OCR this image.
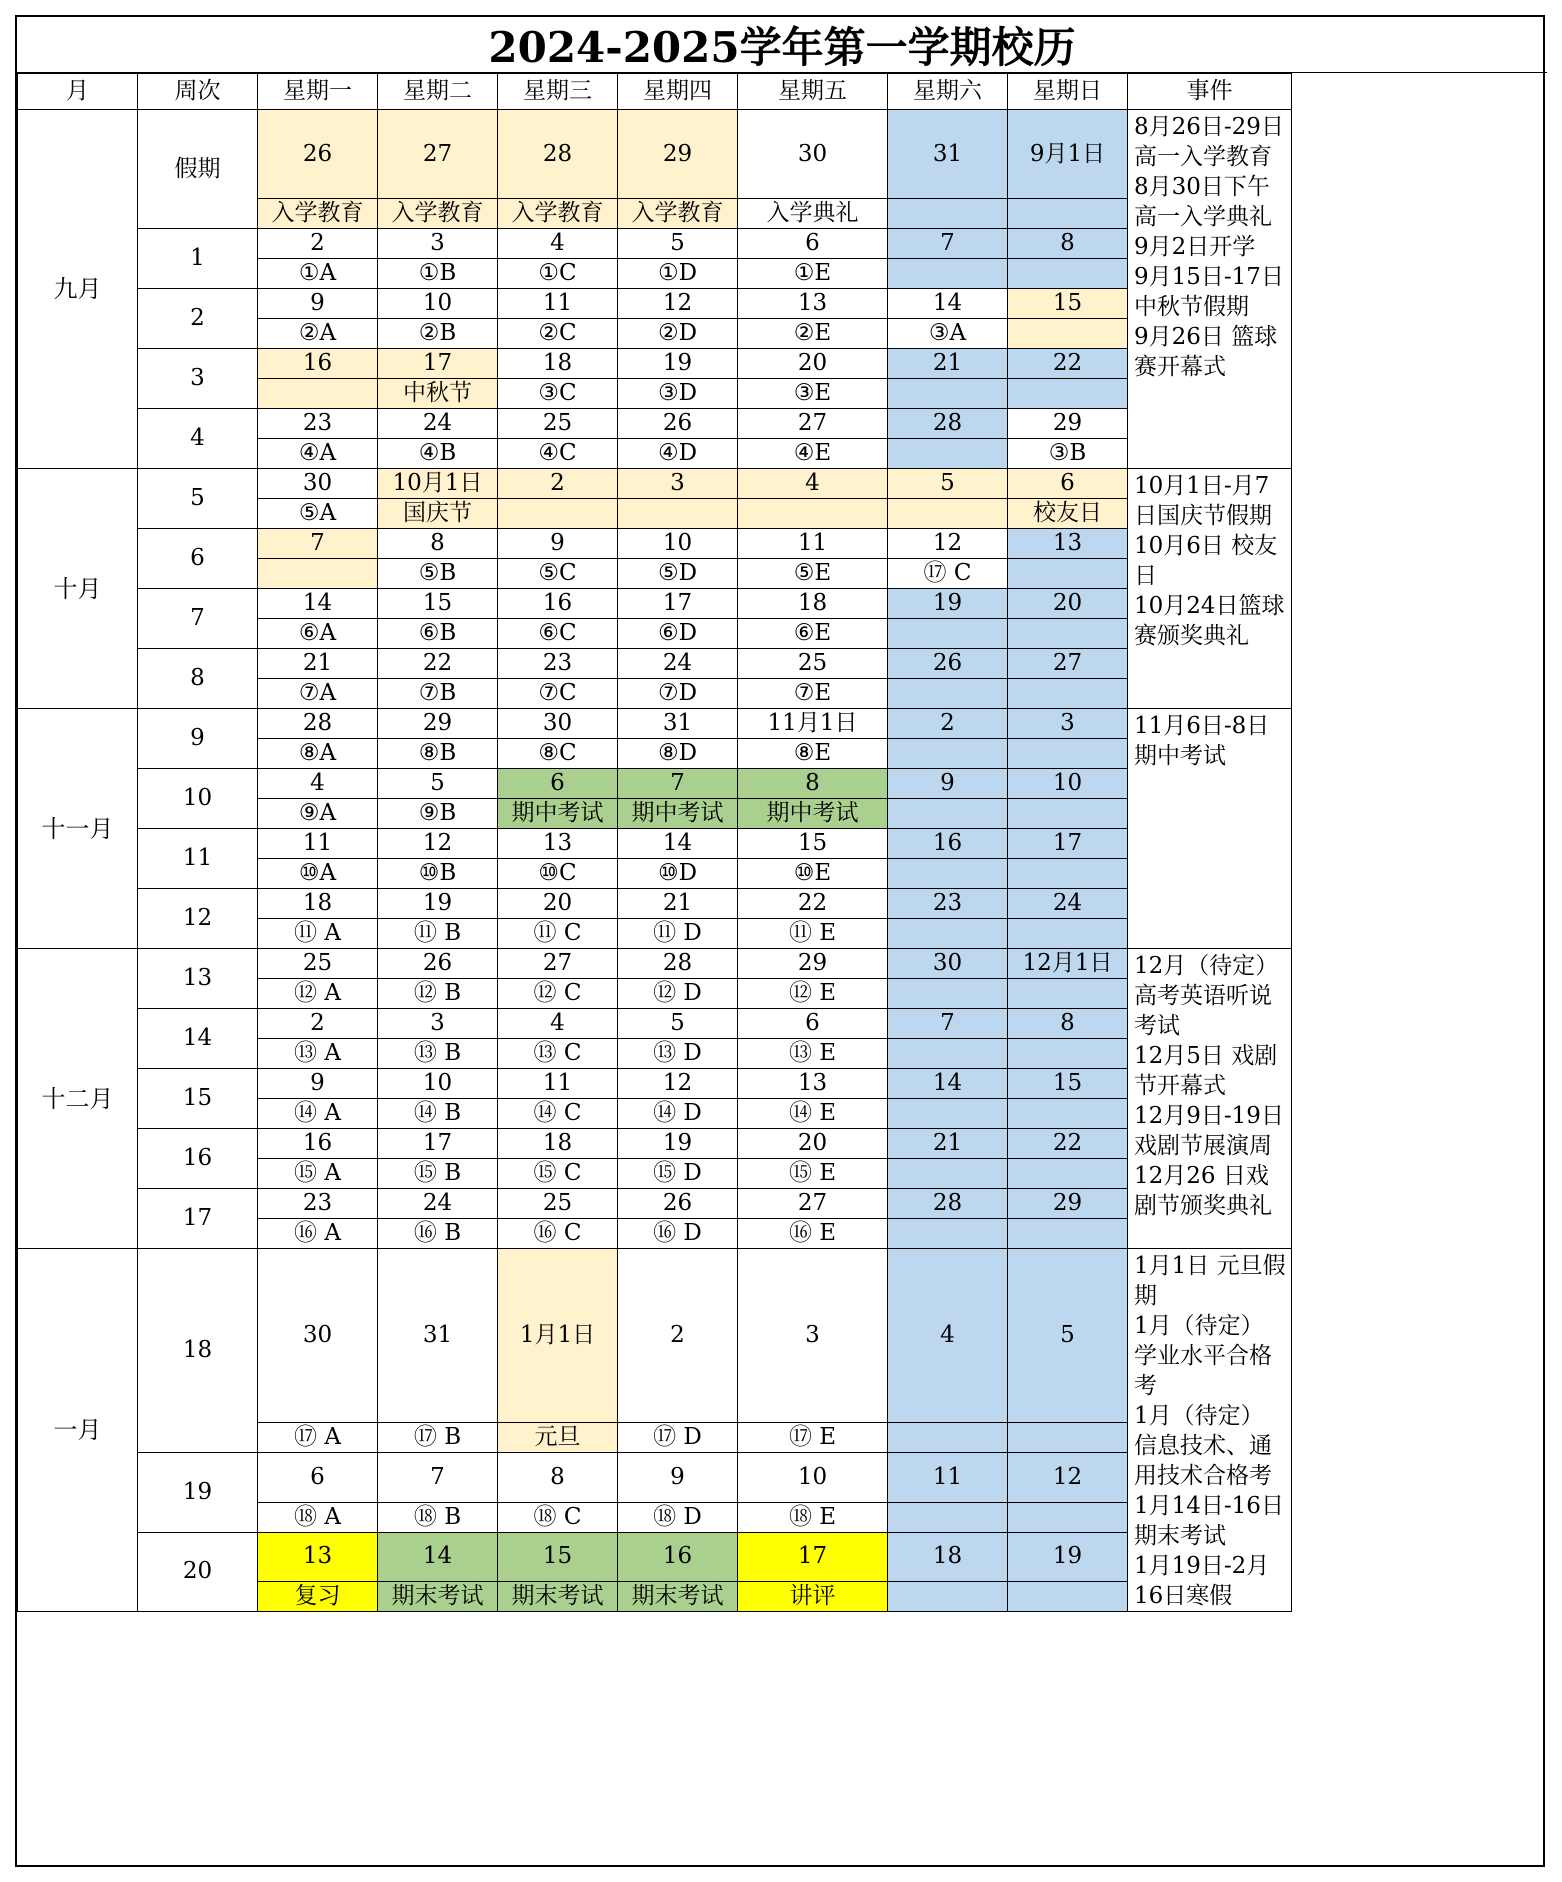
2024-2025学年第一学期校历
月	周次	星期一	星期二	星期三	星期四	星期五	星期六	星期日	事件
九月	假期	26	27	28	29	30	31	9月1日	8月26日-29日 高一入学教育
8月30日下午 高一入学典礼
9月2日开学
9月15日-17日 中秋节假期
9月26日 篮球赛开幕式

		入学教育	入学教育	入学教育	入学教育	入学典礼			
	1	2	3	4	5	6	7	8	
		①A	①B	①C	①D	①E			
	2	9	10	11	12	13	14	15	
		②A	②B	②C	②D	②E	③A		
	3	16	17	18	19	20	21	22	
			中秋节	③C	③D	③E			
	4	23	24	25	26	27	28	29	
		④A	④B	④C	④D	④E		③B	
十月	5	30	10月1日	2	3	4	5	6	10月1日-月7日国庆节假期
10月6日 校友日
10月24日篮球赛颁奖典礼

		⑤A	国庆节					校友日	
	6	7	8	9	10	11	12	13	
			⑤B	⑤C	⑤D	⑤E	⑰ C		
	7	14	15	16	17	18	19	20	
		⑥A	⑥B	⑥C	⑥D	⑥E			
	8	21	22	23	24	25	26	27	
		⑦A	⑦B	⑦C	⑦D	⑦E			
十一月	9	28	29	30	31	11月1日	2	3	11月6日-8日 期中考试

		⑧A	⑧B	⑧C	⑧D	⑧E			
	10	4	5	6	7	8	9	10	
		⑨A	⑨B	期中考试	期中考试	期中考试			
	11	11	12	13	14	15	16	17	
		⑩A	⑩B	⑩C	⑩D	⑩E			
	12	18	19	20	21	22	23	24	
		⑪ A	⑪ B	⑪ C	⑪ D	⑪ E			
十二月	13	25	26	27	28	29	30	12月1日	12月（待定） 高考英语听说考试
12月5日 戏剧节开幕式
12月9日-19日 戏剧节展演周
12月26 日戏剧节颁奖典礼

		⑫ A	⑫ B	⑫ C	⑫ D	⑫ E			
	14	2	3	4	5	6	7	8	
		⑬ A	⑬ B	⑬ C	⑬ D	⑬ E			
	15	9	10	11	12	13	14	15	
		⑭ A	⑭ B	⑭ C	⑭ D	⑭ E			
	16	16	17	18	19	20	21	22	
		⑮ A	⑮ B	⑮ C	⑮ D	⑮ E			
	17	23	24	25	26	27	28	29	
		⑯ A	⑯ B	⑯ C	⑯ D	⑯ E			
一月	18	30	31	1月1日	2	3	4	5	1月1日 元旦假期
1月（待定） 学业水平合格考
1月（待定） 信息技术、通用技术合格考
1月14日-16日 期末考试
1月19日-2月16日寒假

		⑰ A	⑰ B	元旦	⑰ D	⑰ E			
	19	6	7	8	9	10	11	12	
		⑱ A	⑱ B	⑱ C	⑱ D	⑱ E			
	20	13	14	15	16	17	18	19	
		复习	期末考试	期末考试	期末考试	讲评			
